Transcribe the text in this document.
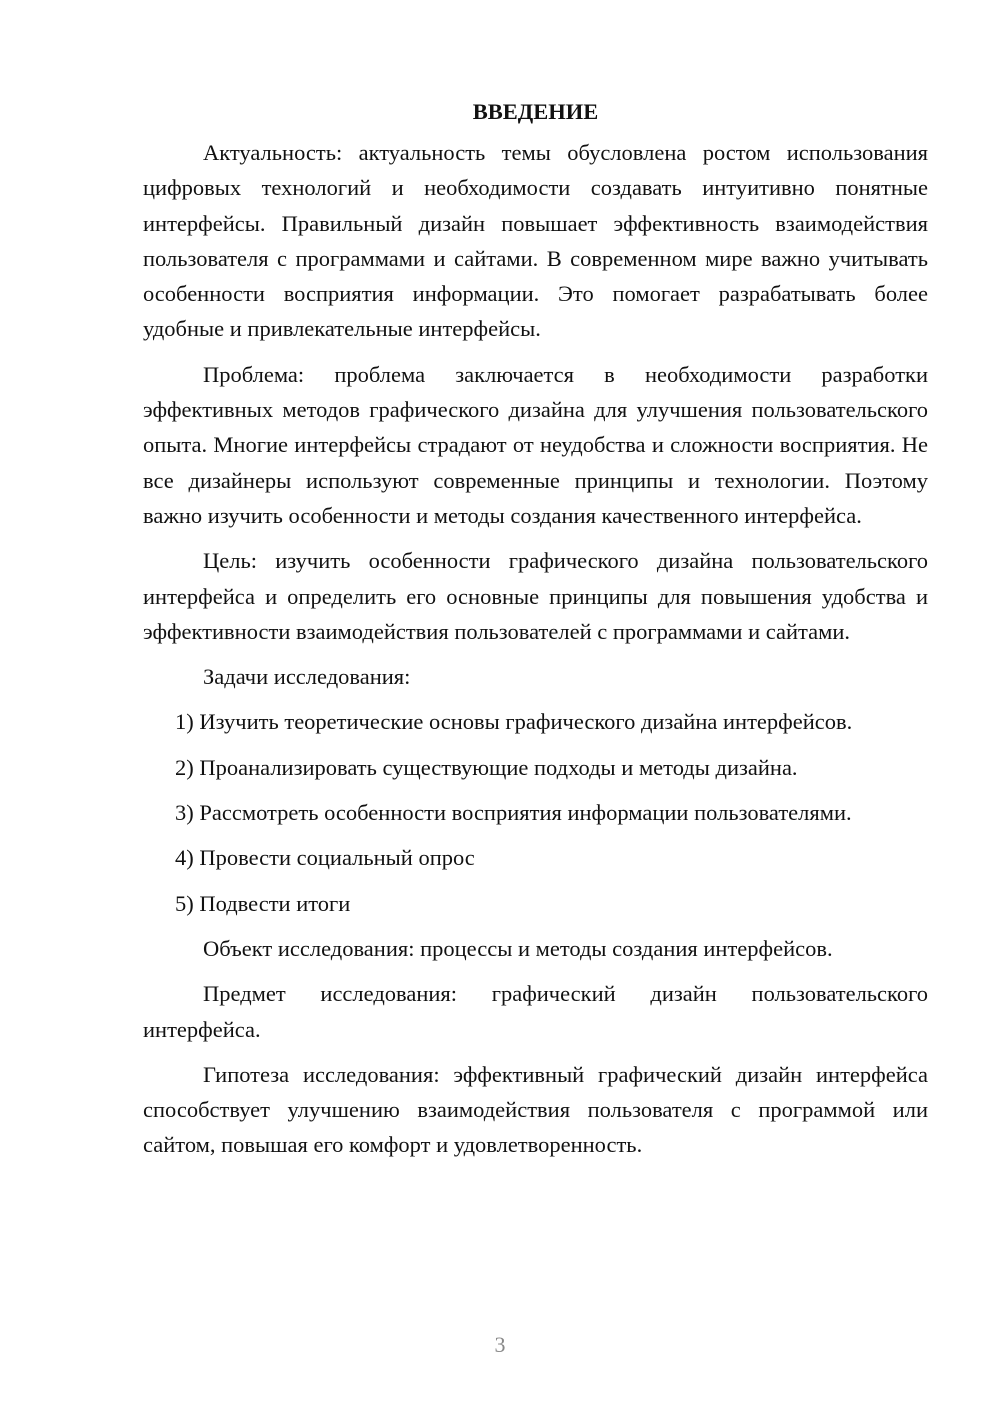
ВВЕДЕНИЕ

Актуальность: актуальность темы обусловлена ростом использования цифровых технологий и необходимости создавать интуитивно понятные интерфейсы. Правильный дизайн повышает эффективность взаимодействия пользователя с программами и сайтами. В современном мире важно учитывать особенности восприятия информации. Это помогает разрабатывать более удобные и привлекательные интерфейсы.

Проблема: проблема заключается в необходимости разработки эффективных методов графического дизайна для улучшения пользовательского опыта. Многие интерфейсы страдают от неудобства и сложности восприятия. Не все дизайнеры используют современные принципы и технологии. Поэтому важно изучить особенности и методы создания качественного интерфейса.

Цель: изучить особенности графического дизайна пользовательского интерфейса и определить его основные принципы для повышения удобства и эффективности взаимодействия пользователей с программами и сайтами.

Задачи исследования:

1) Изучить теоретические основы графического дизайна интерфейсов.
2) Проанализировать существующие подходы и методы дизайна.
3) Рассмотреть особенности восприятия информации пользователями.
4) Провести социальный опрос
5) Подвести итоги

Объект исследования: процессы и методы создания интерфейсов.

Предмет исследования: графический дизайн пользовательского интерфейса.

Гипотеза исследования: эффективный графический дизайн интерфейса способствует улучшению взаимодействия пользователя с программой или сайтом, повышая его комфорт и удовлетворенность.

3
